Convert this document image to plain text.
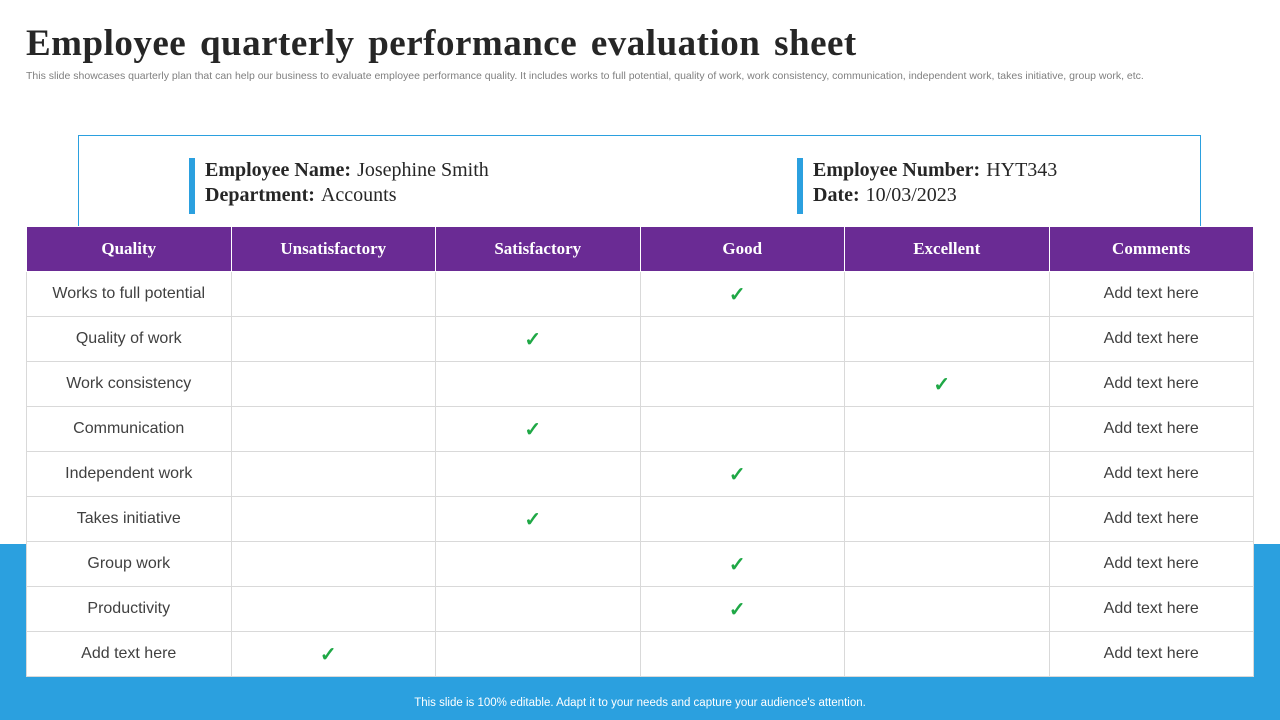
Employee quarterly performance evaluation sheet

This slide showcases quarterly plan that can help our business to evaluate employee performance quality. It includes works to full potential, quality of work, work consistency, communication, independent work, takes initiative, group work, etc.

Employee Name: Josephine Smith
Department: Accounts
Employee Number: HYT343
Date: 10/03/2023
Quality	Unsatisfactory	Satisfactory	Good	Excellent	Comments
Works to full potential			✓		Add text here
Quality of work		✓			Add text here
Work consistency				✓	Add text here
Communication		✓			Add text here
Independent work			✓		Add text here
Takes initiative		✓			Add text here
Group work			✓		Add text here
Productivity			✓		Add text here
Add text here	✓				Add text here
This slide is 100% editable. Adapt it to your needs and capture your audience's attention.
